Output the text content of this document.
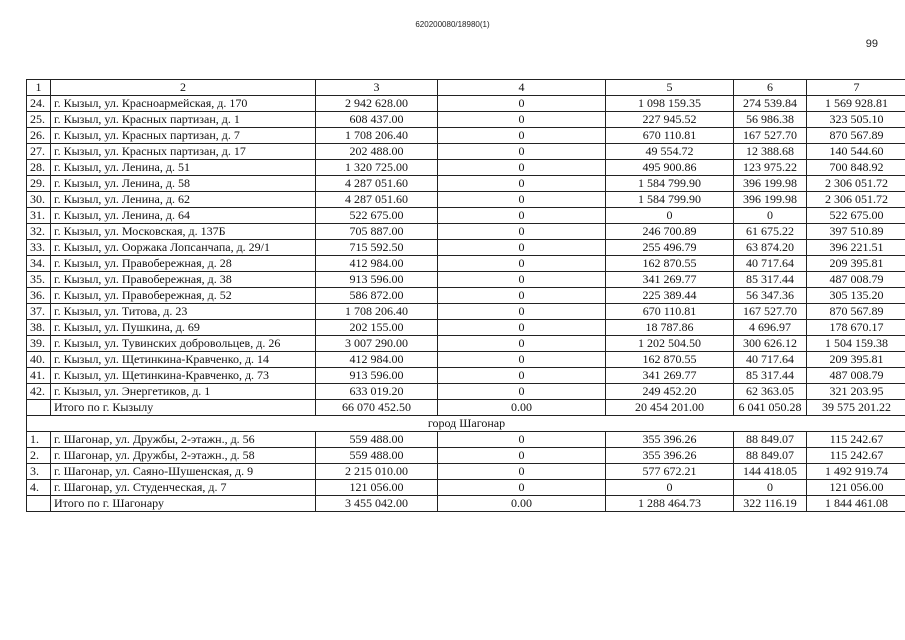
620200080/18980(1)
99
1	2	3	4	5	6	7
24.	г. Кызыл, ул. Красноармейская, д. 170	2 942 628.00	0	1 098 159.35	274 539.84	1 569 928.81
25.	г. Кызыл, ул. Красных партизан, д. 1	608 437.00	0	227 945.52	56 986.38	323 505.10
26.	г. Кызыл, ул. Красных партизан, д. 7	1 708 206.40	0	670 110.81	167 527.70	870 567.89
27.	г. Кызыл, ул. Красных партизан, д. 17	202 488.00	0	49 554.72	12 388.68	140 544.60
28.	г. Кызыл, ул. Ленина, д. 51	1 320 725.00	0	495 900.86	123 975.22	700 848.92
29.	г. Кызыл, ул. Ленина, д. 58	4 287 051.60	0	1 584 799.90	396 199.98	2 306 051.72
30.	г. Кызыл, ул. Ленина, д. 62	4 287 051.60	0	1 584 799.90	396 199.98	2 306 051.72
31.	г. Кызыл, ул. Ленина, д. 64	522 675.00	0	0	0	522 675.00
32.	г. Кызыл, ул. Московская, д. 137Б	705 887.00	0	246 700.89	61 675.22	397 510.89
33.	г. Кызыл, ул. Ооржака Лопсанчапа, д. 29/1	715 592.50	0	255 496.79	63 874.20	396 221.51
34.	г. Кызыл, ул. Правобережная, д. 28	412 984.00	0	162 870.55	40 717.64	209 395.81
35.	г. Кызыл, ул. Правобережная, д. 38	913 596.00	0	341 269.77	85 317.44	487 008.79
36.	г. Кызыл, ул. Правобережная, д. 52	586 872.00	0	225 389.44	56 347.36	305 135.20
37.	г. Кызыл, ул. Титова, д. 23	1 708 206.40	0	670 110.81	167 527.70	870 567.89
38.	г. Кызыл, ул. Пушкина, д. 69	202 155.00	0	18 787.86	4 696.97	178 670.17
39.	г. Кызыл, ул. Тувинских добровольцев, д. 26	3 007 290.00	0	1 202 504.50	300 626.12	1 504 159.38
40.	г. Кызыл, ул. Щетинкина-Кравченко, д. 14	412 984.00	0	162 870.55	40 717.64	209 395.81
41.	г. Кызыл, ул. Щетинкина-Кравченко, д. 73	913 596.00	0	341 269.77	85 317.44	487 008.79
42.	г. Кызыл, ул. Энергетиков, д. 1	633 019.20	0	249 452.20	62 363.05	321 203.95
	Итого по г. Кызылу	66 070 452.50	0.00	20 454 201.00	6 041 050.28	39 575 201.22
город Шагонар						
1.	г. Шагонар, ул. Дружбы, 2-этажн., д. 56	559 488.00	0	355 396.26	88 849.07	115 242.67
2.	г. Шагонар, ул. Дружбы, 2-этажн., д. 58	559 488.00	0	355 396.26	88 849.07	115 242.67
3.	г. Шагонар, ул. Саяно-Шушенская, д. 9	2 215 010.00	0	577 672.21	144 418.05	1 492 919.74
4.	г. Шагонар, ул. Студенческая, д. 7	121 056.00	0	0	0	121 056.00
	Итого по г. Шагонару	3 455 042.00	0.00	1 288 464.73	322 116.19	1 844 461.08
